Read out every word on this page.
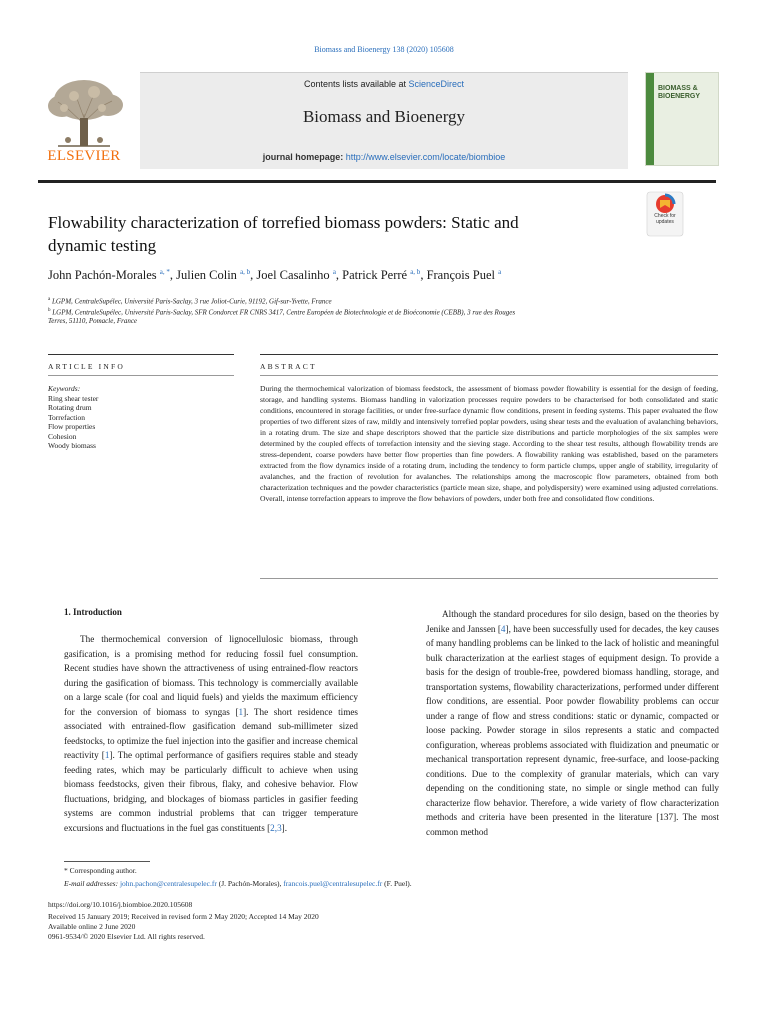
Biomass and Bioenergy 138 (2020) 105608
ELSEVIER
Contents lists available at ScienceDirect
Biomass and Bioenergy
journal homepage: http://www.elsevier.com/locate/biombioe
BIOMASS &
BIOENERGY
Flowability characterization of torrefied biomass powders: Static and
dynamic testing
Check for
updates
John Pachón-Morales $^{a, *}$, Julien Colin $^{a, b}$, Joel Casalinho $^a$, Patrick Perré $^{a, b}$, François Puel $^a$
$^a$ LGPM, CentraleSupélec, Université Paris-Saclay, 3 rue Joliot-Curie, 91192, Gif-sur-Yvette, France
$^b$ LGPM, CentraleSupélec, Université Paris-Saclay, SFR Condorcet FR CNRS 3417, Centre Européen de Biotechnologie et de Bioéconomie (CEBB), 3 rue des Rouges
Terres, 51110, Pomacle, France
ARTICLE INFO	ABSTRACT
Keywords:
Ring shear tester
Rotating drum
Torrefaction
Flow properties
Cohesion
Woody biomass
During the thermochemical valorization of biomass feedstock, the assessment of biomass powder flowability is essential for the design of feeding, storage, and handling systems. Biomass handling in valorization processes require powders to be characterised for both consolidated and static conditions, encountered in storage facilities, or under free-surface dynamic flow conditions, present in feeding systems. This paper evaluated the flow properties of two different sizes of raw, mildly and intensively torrefied poplar powders, using shear tests and the evaluation of avalanching behaviors, in a rotating drum. The size and shape descriptors showed that the particle size distributions and particle morphologies of the six samples were determined by the coupled effects of torrefaction intensity and the sieving stage. According to the shear test results, although flowability trends are stress-dependent, coarse powders have better flow properties than fine powders. A flowability ranking was established, based on the parameters extracted from the flow dynamics inside of a rotating drum, including the tendency to form particle clumps, upper angle of stability, irregularity of avalanches, and the fraction of revolution for avalanches. The relationships among the macroscopic flow parameters, obtained from both characterization techniques and the powder characteristics (particle mean size, shape, and polydispersity) were examined using adjusted correlations. Overall, intense torrefaction appears to improve the flow behaviors of powders, under both free and consolidated flow conditions.
1. Introduction

The thermochemical conversion of lignocellulosic biomass, through gasification, is a promising method for reducing fossil fuel consumption. Recent studies have shown the attractiveness of using entrained-flow reactors during the gasification of biomass. This technology is commercially available on a large scale (for coal and liquid fuels) and yields the maximum efficiency for the conversion of biomass to syngas [1]. The short residence times associated with entrained-flow gasification demand sub-millimeter sized feedstocks, to optimize the fuel injection into the gasifier and increase chemical reactivity [1]. The optimal performance of gasifiers requires stable and steady feeding rates, which may be particularly difficult to achieve when using biomass feedstocks, given their fibrous, flaky, and cohesive behavior. Flow fluctuations, bridging, and blockages of biomass particles in gasifier feeding systems are common industrial problems that can trigger temperature excursions and fluctuations in the fuel gas constituents [2,3].

Although the standard procedures for silo design, based on the theories by Jenike and Janssen [4], have been successfully used for decades, the key causes of many handling problems can be linked to the lack of holistic and meaningful bulk characterization at the earliest stages of equipment design. To provide a basis for the design of trouble-free, powdered biomass handling, storage, and transportation systems, flowability characterizations, performed under different flow conditions, are essential. Poor powder flowability problems can occur under a range of flow and stress conditions: static or dynamic, compacted or loose packing. Powder storage in silos represents a static and compacted configuration, whereas problems associated with fluidization and pneumatic or mechanical transportation represent dynamic, free-surface, and loose-packing conditions. Due to the complexity of granular materials, which can vary depending on the conditioning state, no simple or single method can fully characterize flow behavior. Therefore, a wide variety of flow characterization methods and criteria have been presented in the literature [137]. The most common method

* Corresponding author.
E-mail addresses: john.pachon@centralesupelec.fr (J. Pachón-Morales), francois.puel@centralesupelec.fr (F. Puel).
https://doi.org/10.1016/j.biombioe.2020.105608
Received 15 January 2019; Received in revised form 2 May 2020; Accepted 14 May 2020
Available online 2 June 2020
0961-9534/© 2020 Elsevier Ltd. All rights reserved.
